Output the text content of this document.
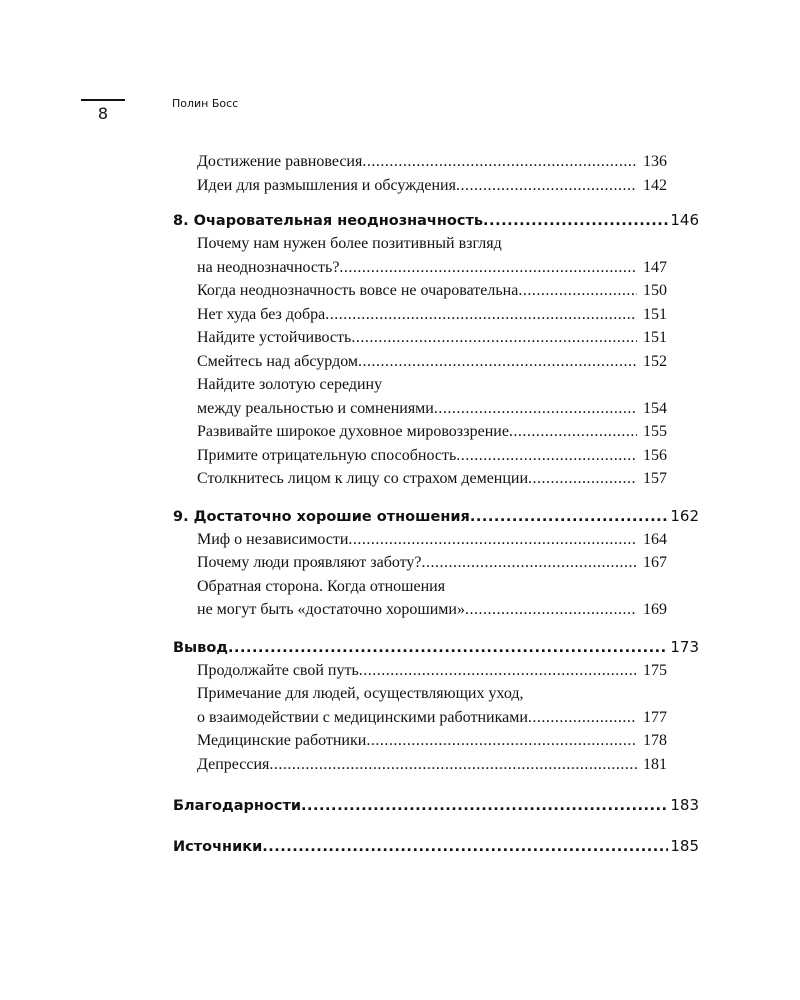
8
Полин Босс
Достижение равновесия .....	136
Идеи для размышления и обсуждения .....	142
8. Очаровательная неоднозначность .....	146
Почему нам нужен более позитивный взгляд
на неоднозначность? .....	147
Когда неоднозначность вовсе не очаровательна .....	150
Нет худа без добра .....	151
Найдите устойчивость .....	151
Смейтесь над абсурдом .....	152
Найдите золотую середину
между реальностью и сомнениями .....	154
Развивайте широкое духовное мировоззрение .....	155
Примите отрицательную способность .....	156
Столкнитесь лицом к лицу со страхом деменции .....	157
9. Достаточно хорошие отношения .....	162
Миф о независимости .....	164
Почему люди проявляют заботу? .....	167
Обратная сторона. Когда отношения
не могут быть «достаточно хорошими» .....	169
Вывод .....	173
Продолжайте свой путь .....	175
Примечание для людей, осуществляющих уход,
о взаимодействии с медицинскими работниками .....	177
Медицинские работники .....	178
Депрессия .....	181
Благодарности .....	183
Источники .....	185
